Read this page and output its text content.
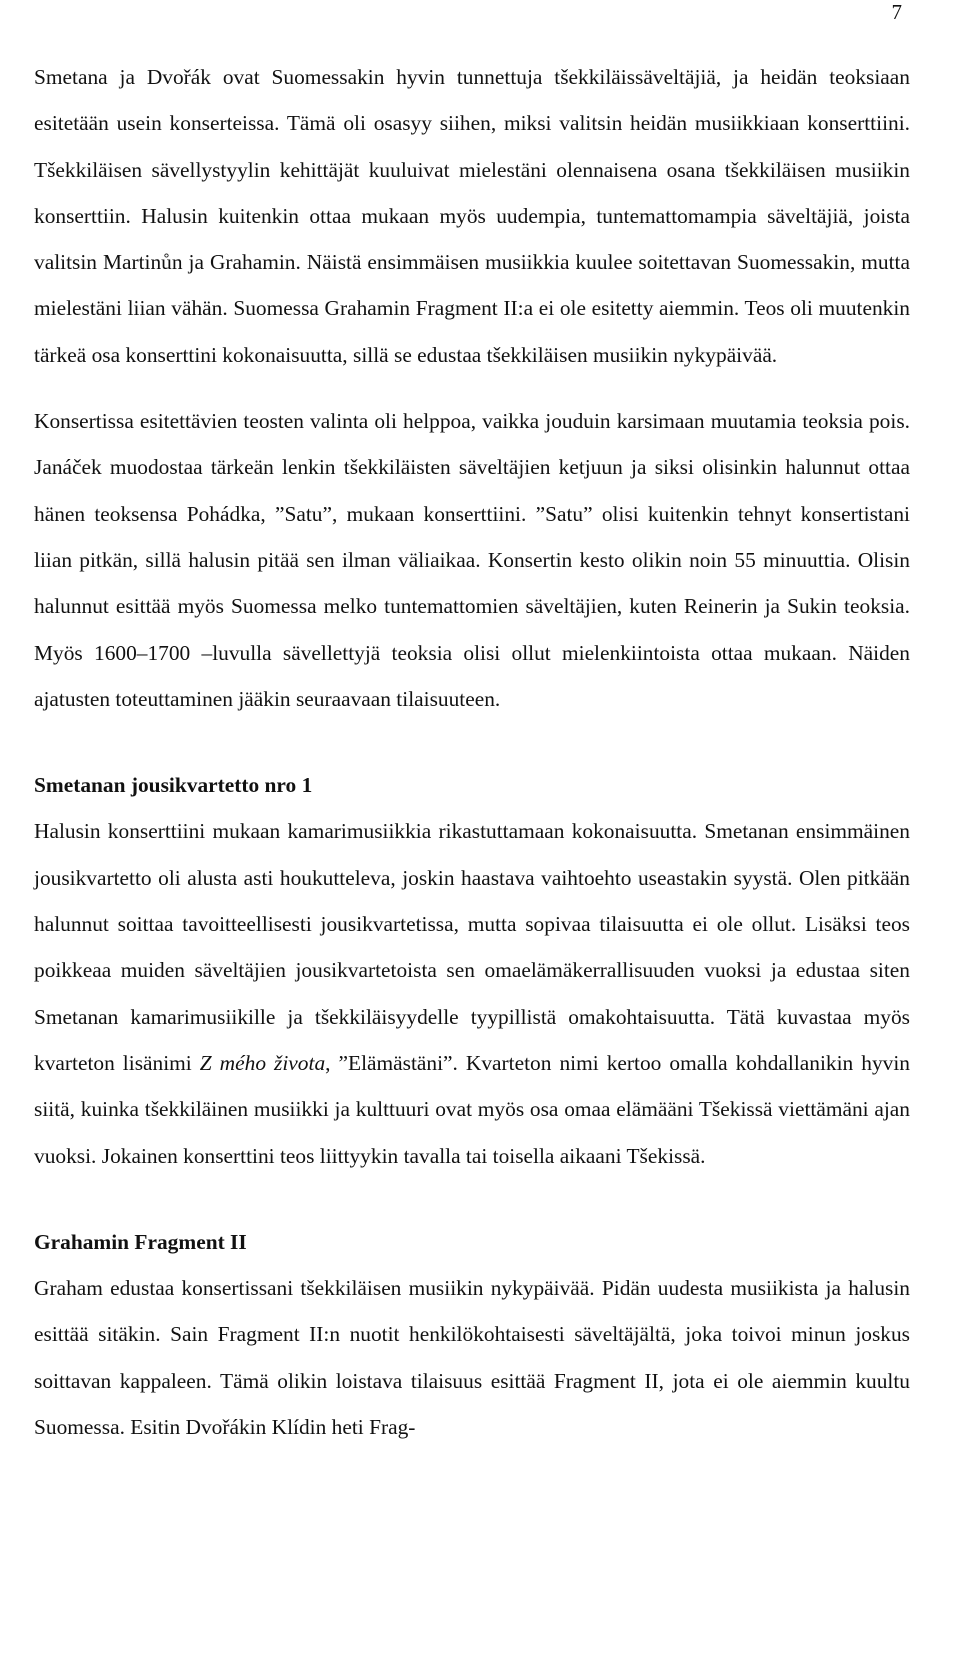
7

Smetana ja Dvořák ovat Suomessakin hyvin tunnettuja tšekkiläissäveltäjiä, ja heidän teoksiaan esitetään usein konserteissa. Tämä oli osasyy siihen, miksi valitsin heidän musiikkiaan konserttiini. Tšekkiläisen sävellystyylin kehittäjät kuuluivat mielestäni olennaisena osana tšekkiläisen musiikin konserttiin. Halusin kuitenkin ottaa mukaan myös uudempia, tuntemattomampia säveltäjiä, joista valitsin Martinůn ja Grahamin. Näistä ensimmäisen musiikkia kuulee soitettavan Suomessakin, mutta mielestäni liian vähän. Suomessa Grahamin Fragment II:a ei ole esitetty aiemmin. Teos oli muutenkin tärkeä osa konserttini kokonaisuutta, sillä se edustaa tšekkiläisen musiikin nykypäivää.

Konsertissa esitettävien teosten valinta oli helppoa, vaikka jouduin karsimaan muutamia teoksia pois. Janáček muodostaa tärkeän lenkin tšekkiläisten säveltäjien ketjuun ja siksi olisinkin halunnut ottaa hänen teoksensa Pohádka, ”Satu”, mukaan konserttiini. ”Satu” olisi kuitenkin tehnyt konsertistani liian pitkän, sillä halusin pitää sen ilman väliaikaa. Konsertin kesto olikin noin 55 minuuttia. Olisin halunnut esittää myös Suomessa melko tuntemattomien säveltäjien, kuten Reinerin ja Sukin teoksia. Myös 1600–1700 –luvulla sävellettyjä teoksia olisi ollut mielenkiintoista ottaa mukaan. Näiden ajatusten toteuttaminen jääkin seuraavaan tilaisuuteen.

Smetanan jousikvartetto nro 1

Halusin konserttiini mukaan kamarimusiikkia rikastuttamaan kokonaisuutta. Smetanan ensimmäinen jousikvartetto oli alusta asti houkutteleva, joskin haastava vaihtoehto useastakin syystä. Olen pitkään halunnut soittaa tavoitteellisesti jousikvartetissa, mutta sopivaa tilaisuutta ei ole ollut. Lisäksi teos poikkeaa muiden säveltäjien jousikvartetoista sen omaelämäkerrallisuuden vuoksi ja edustaa siten Smetanan kamarimusiikille ja tšekkiläisyydelle tyypillistä omakohtaisuutta. Tätä kuvastaa myös kvarteton lisänimi Z mého života, ”Elämästäni”. Kvarteton nimi kertoo omalla kohdallanikin hyvin siitä, kuinka tšekkiläinen musiikki ja kulttuuri ovat myös osa omaa elämääni Tšekissä viettämäni ajan vuoksi. Jokainen konserttini teos liittyykin tavalla tai toisella aikaani Tšekissä.

Grahamin Fragment II

Graham edustaa konsertissani tšekkiläisen musiikin nykypäivää. Pidän uudesta musiikista ja halusin esittää sitäkin. Sain Fragment II:n nuotit henkilökohtaisesti säveltäjältä, joka toivoi minun joskus soittavan kappaleen. Tämä olikin loistava tilaisuus esittää Fragment II, jota ei ole aiemmin kuultu Suomessa. Esitin Dvořákin Klídin heti Frag-
